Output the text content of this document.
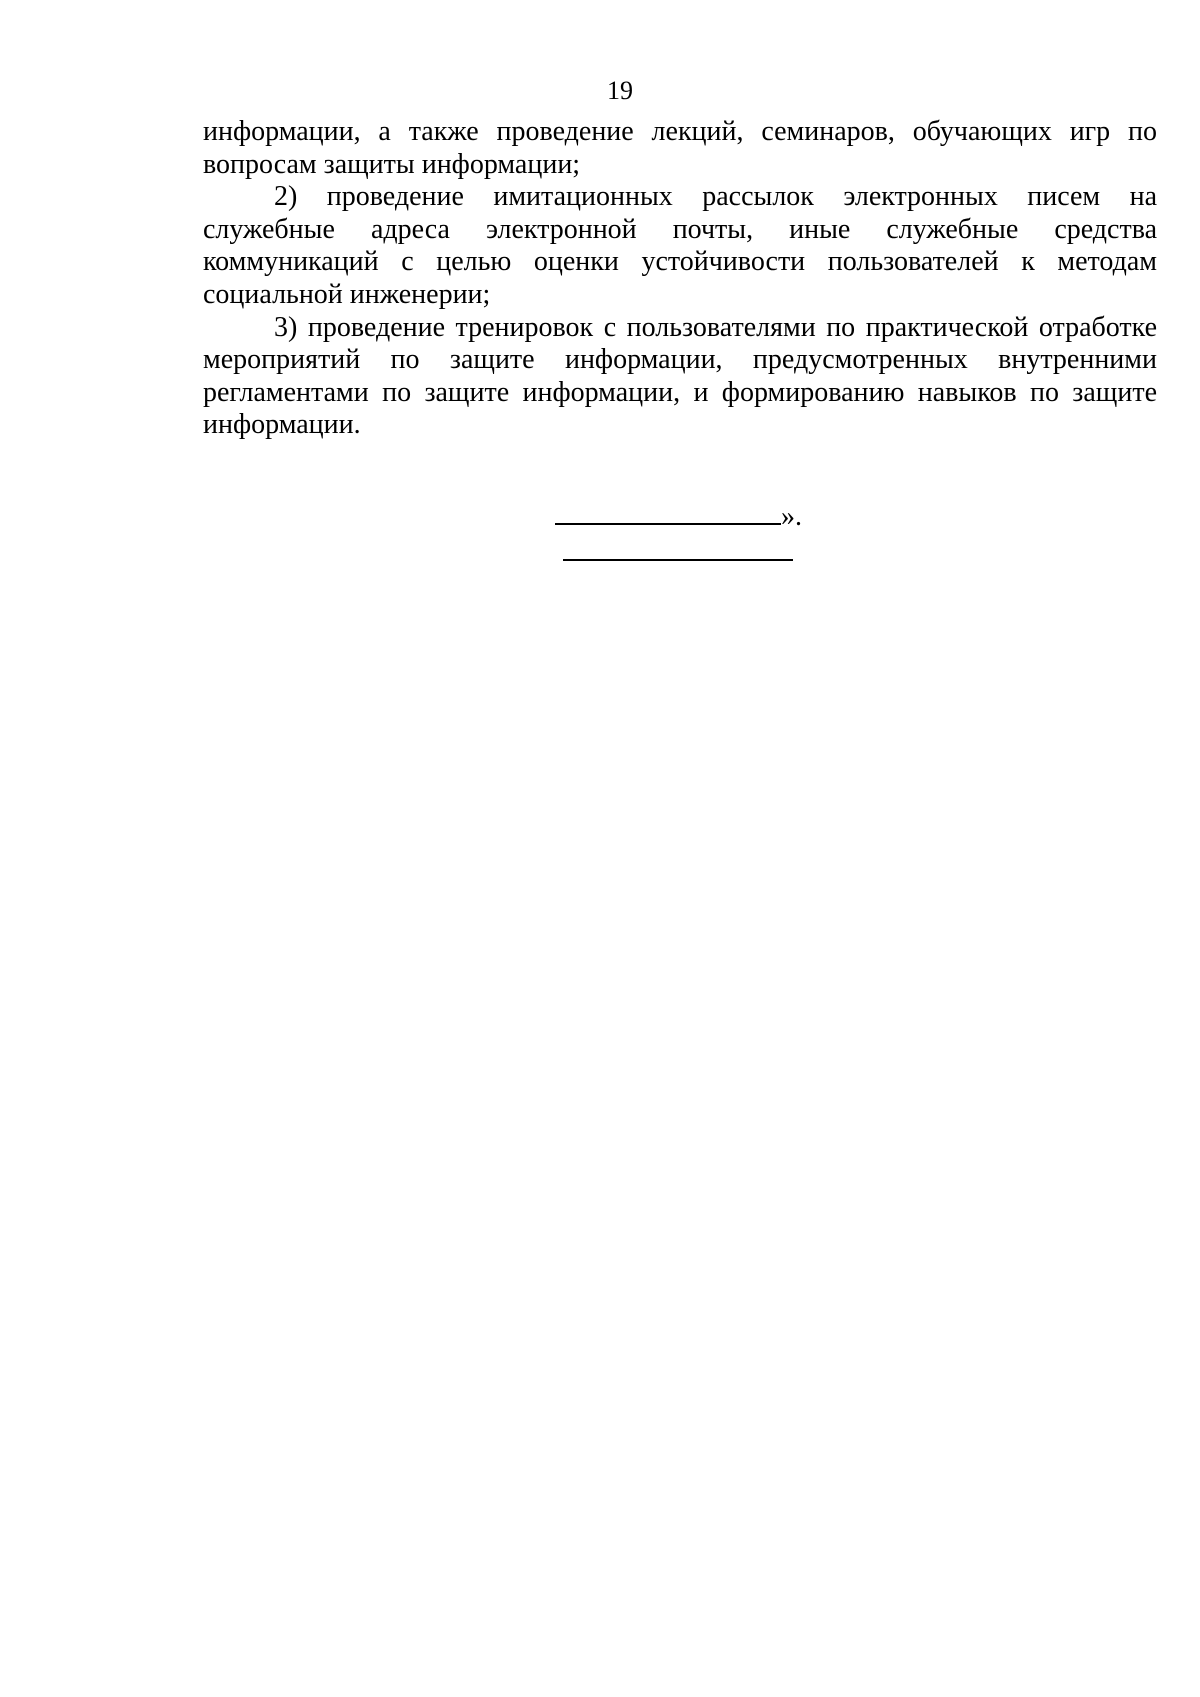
19

информации, а также проведение лекций, семинаров, обучающих игр по вопросам защиты информации;

2) проведение имитационных рассылок электронных писем на служебные адреса электронной почты, иные служебные средства коммуникаций с целью оценки устойчивости пользователей к методам социальной инженерии;

3) проведение тренировок с пользователями по практической отработке мероприятий по защите информации, предусмотренных внутренними регламентами по защите информации, и формированию навыков по защите информации.

».
